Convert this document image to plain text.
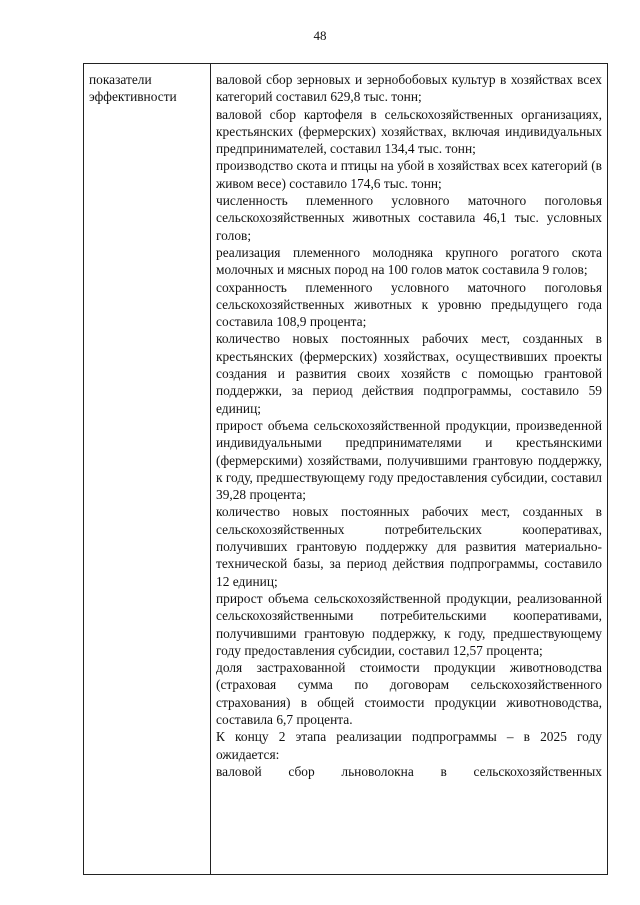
48
показатели эффективности

валовой сбор зерновых и зернобобовых культур в хозяйствах всех категорий составил 629,8 тыс. тонн;

валовой сбор картофеля в сельскохозяйственных организациях, крестьянских (фермерских) хозяйствах, включая индивидуальных предпринимателей, составил 134,4 тыс. тонн;

производство скота и птицы на убой в хозяйствах всех категорий (в живом весе) составило 174,6 тыс. тонн;

численность племенного условного маточного поголовья сельскохозяйственных животных составила 46,1 тыс. условных голов;

реализация племенного молодняка крупного рогатого скота молочных и мясных пород на 100 голов маток составила 9 голов;

сохранность племенного условного маточного поголовья сельскохозяйственных животных к уровню предыдущего года составила 108,9 процента;

количество новых постоянных рабочих мест, созданных в крестьянских (фермерских) хозяйствах, осуществивших проекты создания и развития своих хозяйств с помощью грантовой поддержки, за период действия подпрограммы, составило 59 единиц;

прирост объема сельскохозяйственной продукции, произведенной индивидуальными предпринимателями и крестьянскими (фермерскими) хозяйствами, получившими грантовую поддержку, к году, предшествующему году предоставления субсидии, составил 39,28 процента;

количество новых постоянных рабочих мест, созданных в сельскохозяйственных потребительских кооперативах, получивших грантовую поддержку для развития материально-технической базы, за период действия подпрограммы, составило 12 единиц;

прирост объема сельскохозяйственной продукции, реализованной сельскохозяйственными потребительскими кооперативами, получившими грантовую поддержку, к году, предшествующему году предоставления субсидии, составил 12,57 процента;

доля застрахованной стоимости продукции животноводства (страховая сумма по договорам сельскохозяйственного страхования) в общей стоимости продукции животноводства, составила 6,7 процента.

К концу 2 этапа реализации подпрограммы – в 2025 году ожидается:

валовой сбор льноволокна в сельскохозяйственных
